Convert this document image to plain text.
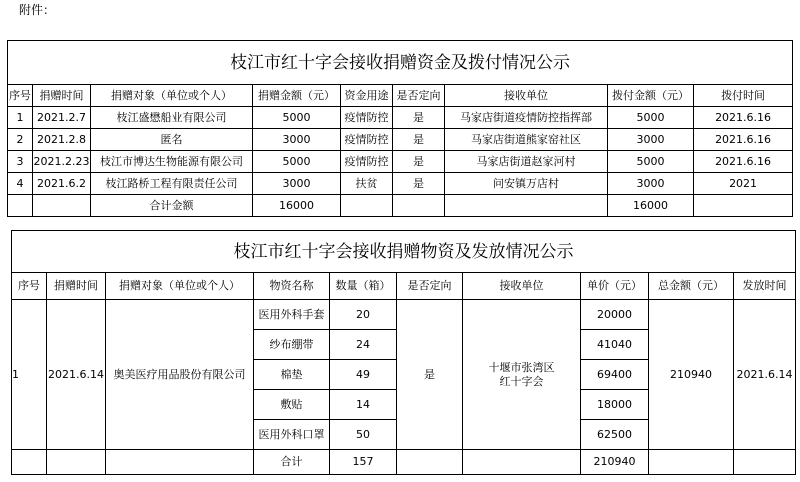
附件：
枝江市红十字会接收捐赠资金及拨付情况公示								
序号	捐赠时间	捐赠对象（单位或个人）	捐赠金额（元）	资金用途	是否定向	接收单位	拨付金额（元）	拨付时间
1	2021.2.7	枝江盛懋船业有限公司	5000	疫情防控	是	马家店街道疫情防控指挥部	5000	2021.6.16
2	2021.2.8	匿名	3000	疫情防控	是	马家店街道熊家窑社区	3000	2021.6.16
3	2021.2.23	枝江市博达生物能源有限公司	5000	疫情防控	是	马家店街道赵家河村	5000	2021.6.16
4	2021.6.2	枝江路桥工程有限责任公司	3000	扶贫	是	问安镇万店村	3000	2021
		合计金额	16000				16000	
枝江市红十字会接收捐赠物资及发放情况公示									
序号	捐赠时间	捐赠对象（单位或个人）	物资名称	数量（箱）	是否定向	接收单位	单价（元）	总金额（元）	发放时间
1	2021.6.14	奥美医疗用品股份有限公司	医用外科手套	20	是	十堰市张湾区
红十字会	20000	210940	2021.6.14
			纱布绷带	24			41040		
			棉垫	49			69400		
			敷贴	14			18000		
			医用外科口罩	50			62500		
			合计	157			210940		
